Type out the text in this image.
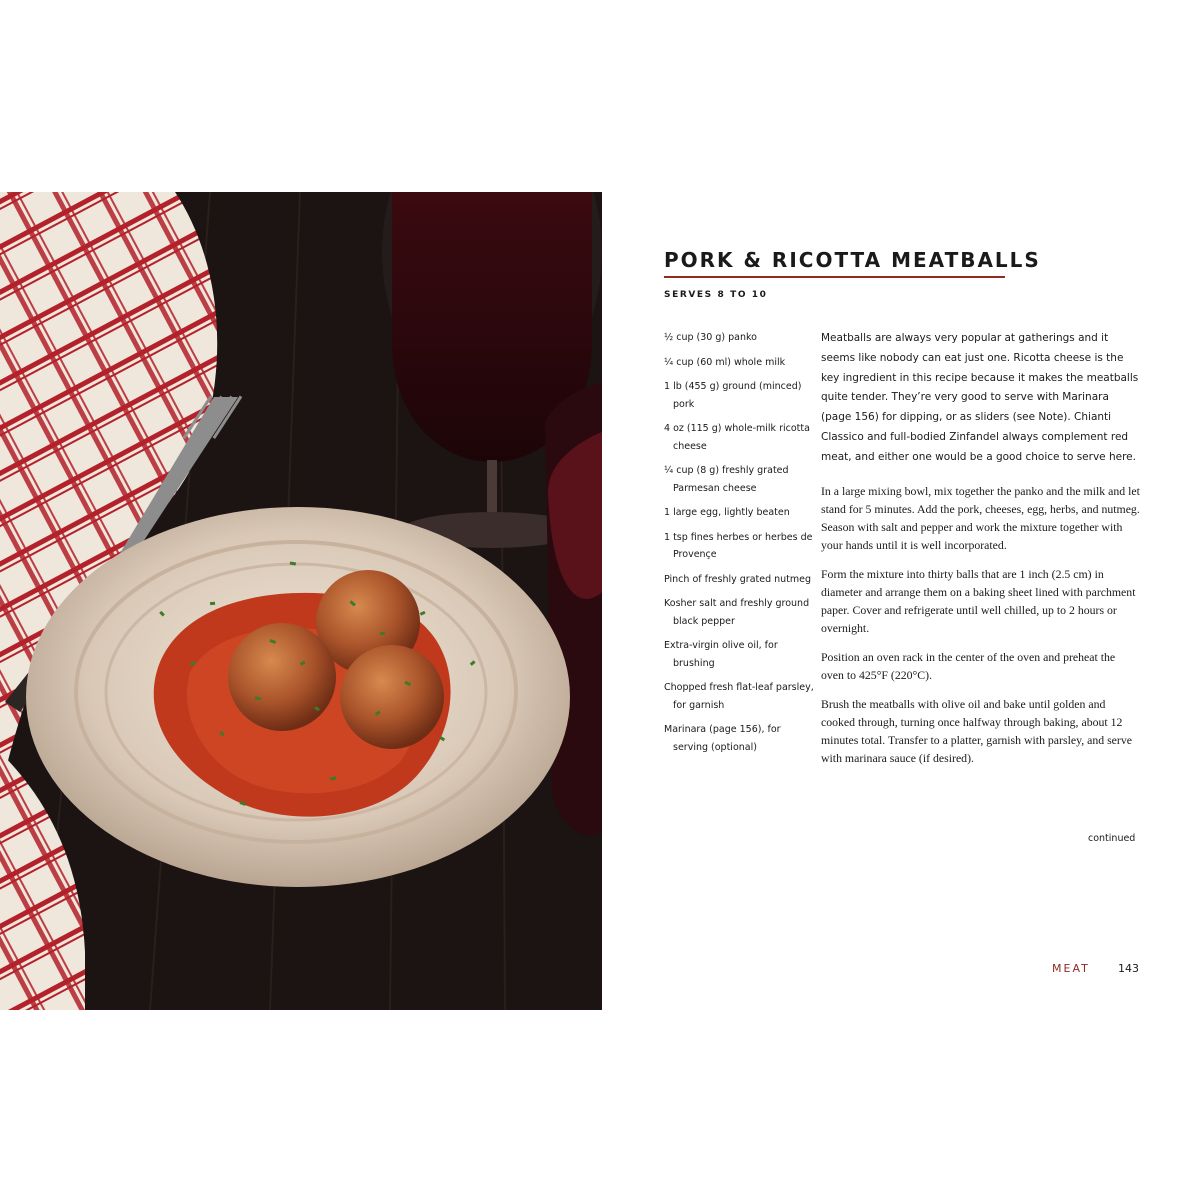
PORK & RICOTTA MEATBALLS
SERVES 8 TO 10
½ cup (30 g) panko
¼ cup (60 ml) whole milk
1 lb (455 g) ground (minced) pork
4 oz (115 g) whole-milk ricotta cheese
¼ cup (8 g) freshly grated Parmesan cheese
1 large egg, lightly beaten
1 tsp fines herbes or herbes de Provençe
Pinch of freshly grated nutmeg
Kosher salt and freshly ground black pepper
Extra-virgin olive oil, for brushing
Chopped fresh flat-leaf parsley, for garnish
Marinara (page 156), for serving (optional)

Meatballs are always very popular at gatherings and it seems like nobody can eat just one. Ricotta cheese is the key ingredient in this recipe because it makes the meatballs quite tender. They’re very good to serve with Marinara (page 156) for dipping, or as sliders (see Note). Chianti Classico and full-bodied Zinfandel always complement red meat, and either one would be a good choice to serve here.

In a large mixing bowl, mix together the panko and the milk and let stand for 5 minutes. Add the pork, cheeses, egg, herbs, and nutmeg. Season with salt and pepper and work the mixture together with your hands until it is well incorporated.

Form the mixture into thirty balls that are 1 inch (2.5 cm) in diameter and arrange them on a baking sheet lined with parchment paper. Cover and refrigerate until well chilled, up to 2 hours or overnight.

Position an oven rack in the center of the oven and preheat the oven to 425°F (220°C).

Brush the meatballs with olive oil and bake until golden and cooked through, turning once halfway through baking, about 12 minutes total. Transfer to a platter, garnish with parsley, and serve with marinara sauce (if desired).

continued
MEAT	143
